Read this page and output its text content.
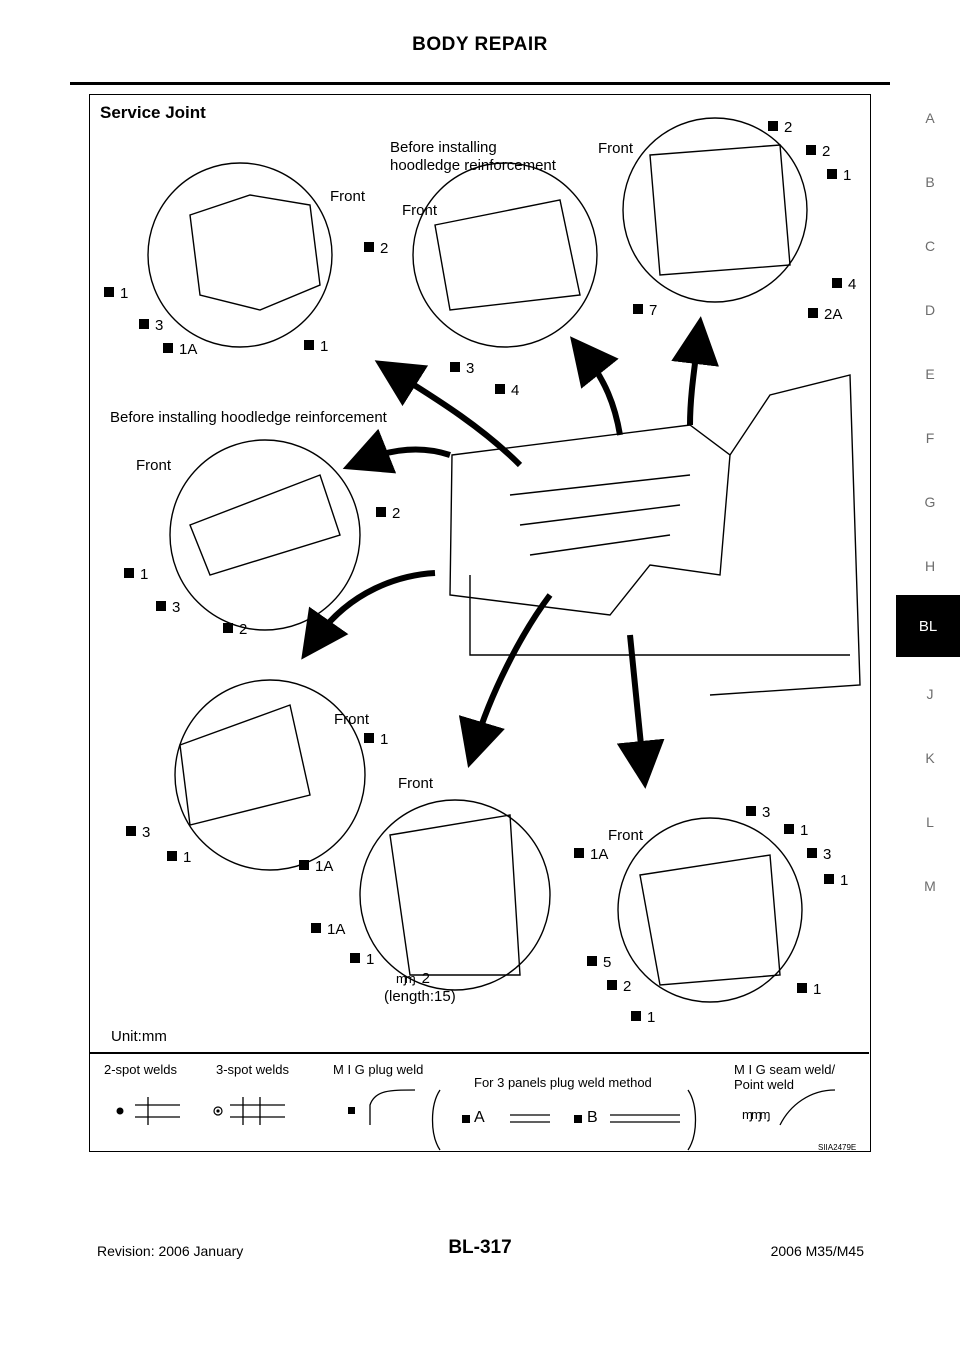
BODY REPAIR
A
B
C
D
E
F
G
H
J
K
L
M
BL
Service Joint
Before installing
hoodledge reinforcement
Before installing hoodledge reinforcement
Front
Front
Front
Front
Front
Front
Front
1
3
1A	1
2
3
4
2
2
1
4
2A
7
2
1
3
2
1
3
1
1A
1A
1
ɱɱ 2
(length:15)
3
1
1A	3
1
5
2	1
1
Unit:mm
2-spot welds	3-spot welds	M I G plug weld
For 3 panels plug weld method
M I G seam weld/
Point weld
A	B	ɱɱɱ
SIIA2479E
Revision: 2006 January	BL-317	2006 M35/M45
